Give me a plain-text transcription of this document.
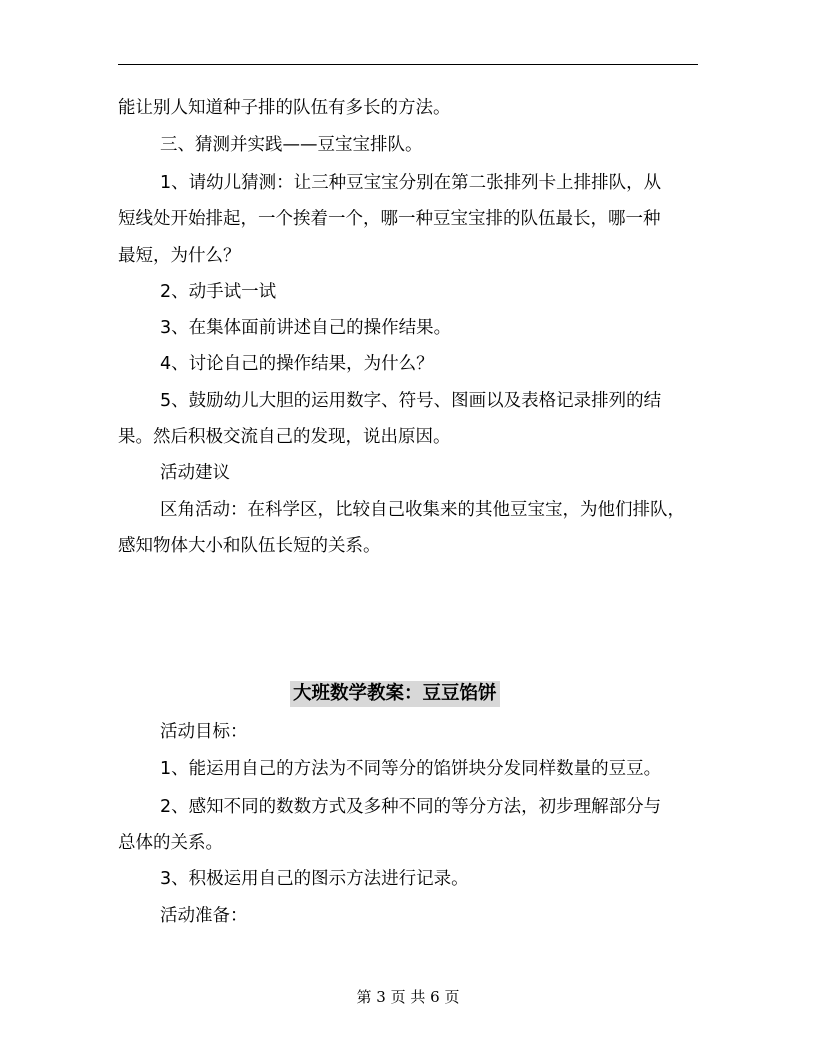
能让别人知道种子排的队伍有多长的方法。
三、猜测并实践——豆宝宝排队。
1、请幼儿猜测：让三种豆宝宝分别在第二张排列卡上排排队，从
短线处开始排起，一个挨着一个，哪一种豆宝宝排的队伍最长，哪一种
最短，为什么？
2、动手试一试
3、在集体面前讲述自己的操作结果。
4、讨论自己的操作结果，为什么？
5、鼓励幼儿大胆的运用数字、符号、图画以及表格记录排列的结
果。然后积极交流自己的发现，说出原因。
活动建议
区角活动：在科学区，比较自己收集来的其他豆宝宝，为他们排队，
感知物体大小和队伍长短的关系。
大班数学教案：豆豆馅饼
活动目标：
1、能运用自己的方法为不同等分的馅饼块分发同样数量的豆豆。
2、感知不同的数数方式及多种不同的等分方法，初步理解部分与
总体的关系。
3、积极运用自己的图示方法进行记录。
活动准备：
第 3 页 共 6 页
